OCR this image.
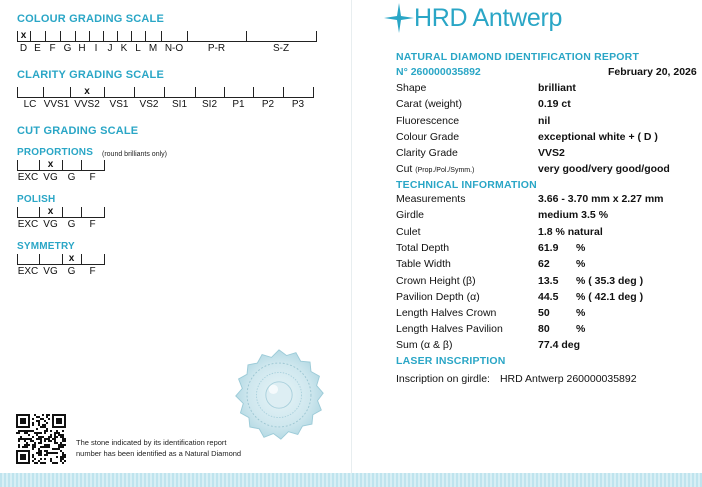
COLOUR GRADING SCALE
D
x
E F G H I J K L M N-O P-R	S-Z
CLARITY GRADING SCALE
LC VVS1 VVS2
x
VS1 VS2 SI1 SI2 P1 P2 P3
CUT GRADING SCALE
PROPORTIONS (round brilliants only)
EXC VG
x
G F
POLISH
EXC VG
x
G F
SYMMETRY
EXC VG G
x
F
The stone indicated by its identification report
number has been identified as a Natural Diamond
HRD Antwerp
NATURAL DIAMOND IDENTIFICATION REPORT
N° 260000035892	February 20, 2026
Shape	brilliant
Carat (weight)	0.19 ct
Fluorescence	nil
Colour Grade	exceptional white + ( D )
Clarity Grade	VVS2
Cut (Prop./Pol./Symm.)	very good/very good/good
TECHNICAL INFORMATION
Measurements	3.66 - 3.70 mm x 2.27 mm
Girdle	medium 3.5 %
Culet	1.8 % natural
Total Depth	61.9 %
Table Width	62	%
Crown Height (β)	13.5 % ( 35.3 deg )
Pavilion Depth (α)	44.5 % ( 42.1 deg )
Length Halves Crown	50	%
Length Halves Pavilion	80	%
Sum (α & β)	77.4 deg
LASER INSCRIPTION
Inscription on girdle: HRD Antwerp 260000035892
